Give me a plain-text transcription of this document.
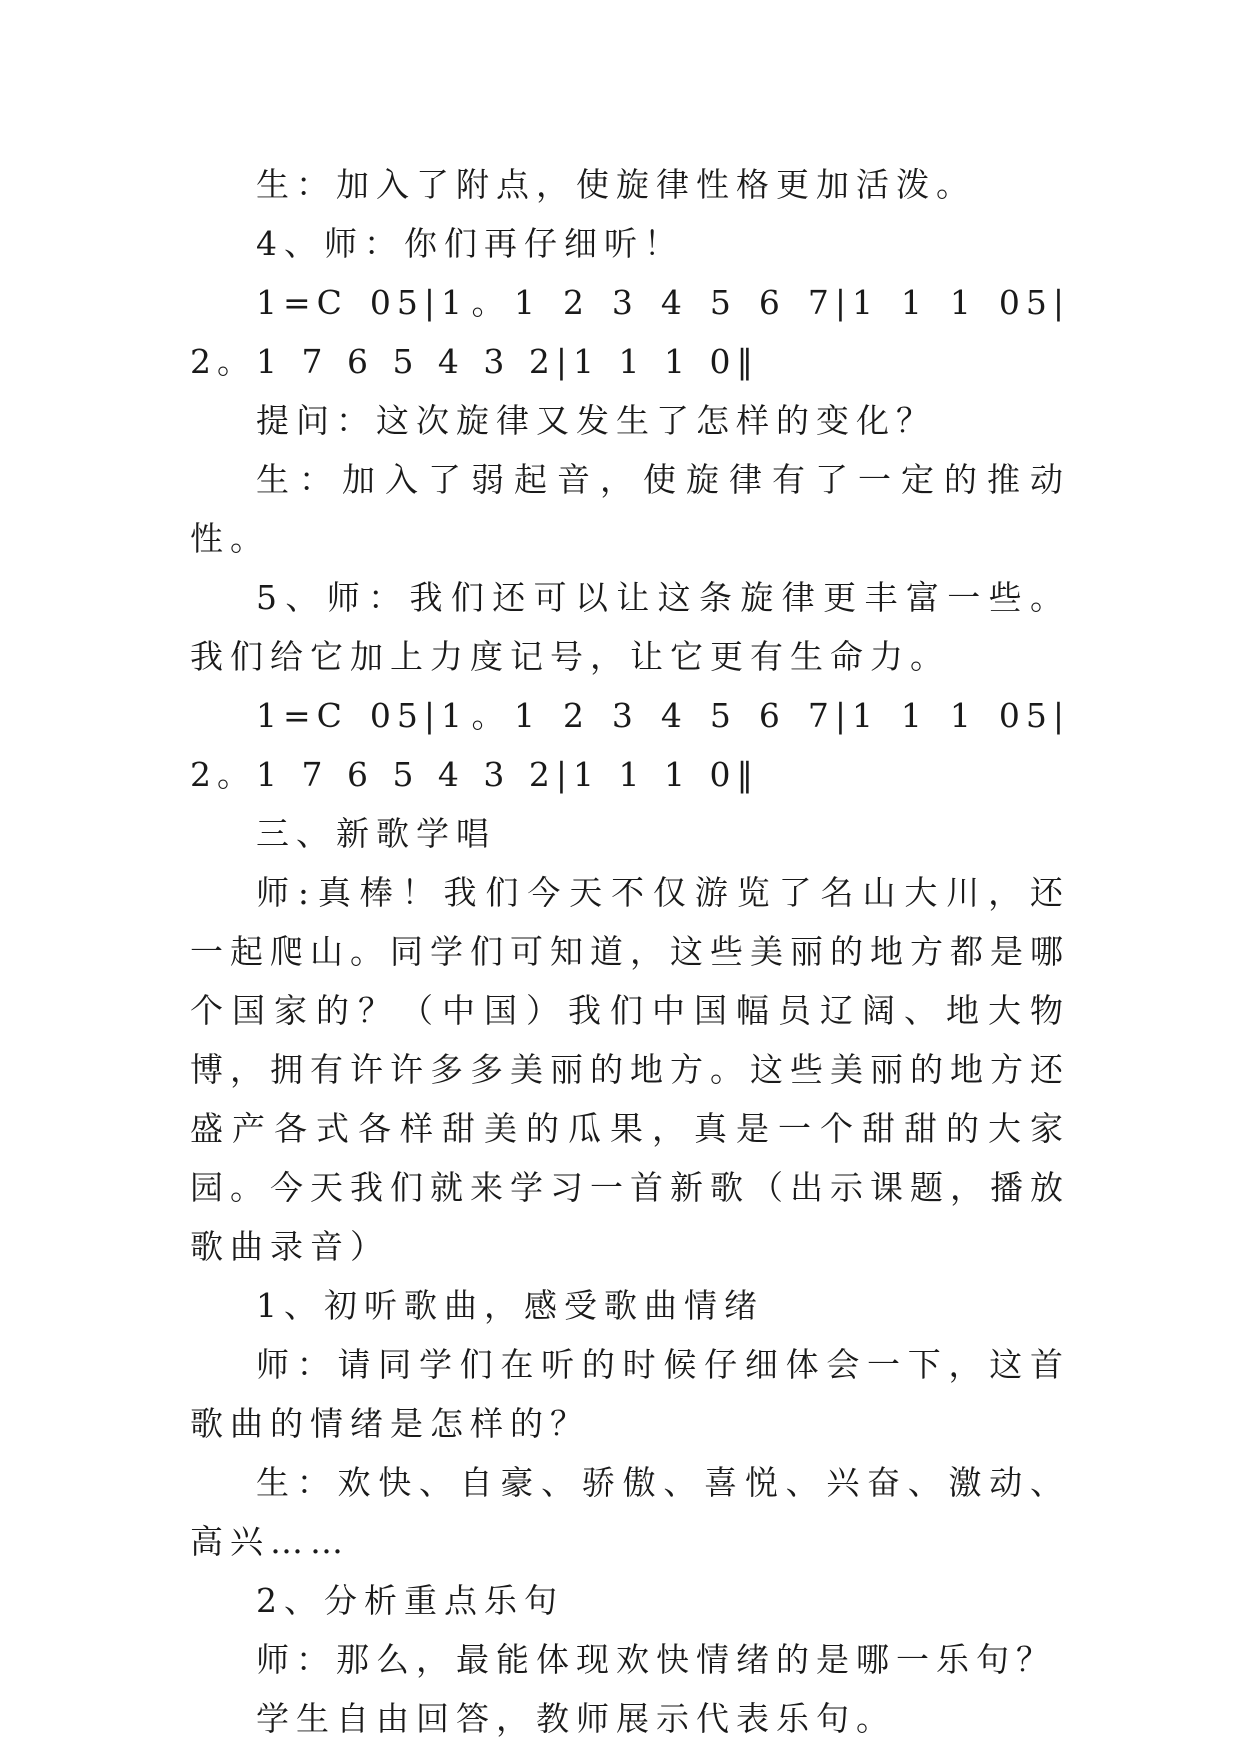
生：加入了附点，使旋律性格更加活泼。

4、师：你们再仔细听！

1=C 05|1。1 2 3 4 5 6 7|1 1 1 05|2。1 7 6 5 4 3 2|1 1 1 0‖

提问：这次旋律又发生了怎样的变化？

生：加入了弱起音，使旋律有了一定的推动性。

5、师：我们还可以让这条旋律更丰富一些。我们给它加上力度记号，让它更有生命力。

1=C 05|1。1 2 3 4 5 6 7|1 1 1 05|2。1 7 6 5 4 3 2|1 1 1 0‖

三、新歌学唱

师:真棒！我们今天不仅游览了名山大川，还一起爬山。同学们可知道，这些美丽的地方都是哪个国家的？（中国）我们中国幅员辽阔、地大物博，拥有许许多多美丽的地方。这些美丽的地方还盛产各式各样甜美的瓜果，真是一个甜甜的大家园。今天我们就来学习一首新歌（出示课题，播放歌曲录音）

1、初听歌曲，感受歌曲情绪

师：请同学们在听的时候仔细体会一下，这首歌曲的情绪是怎样的？

生：欢快、自豪、骄傲、喜悦、兴奋、激动、高兴……

2、分析重点乐句

师：那么，最能体现欢快情绪的是哪一乐句？

学生自由回答，教师展示代表乐句。
